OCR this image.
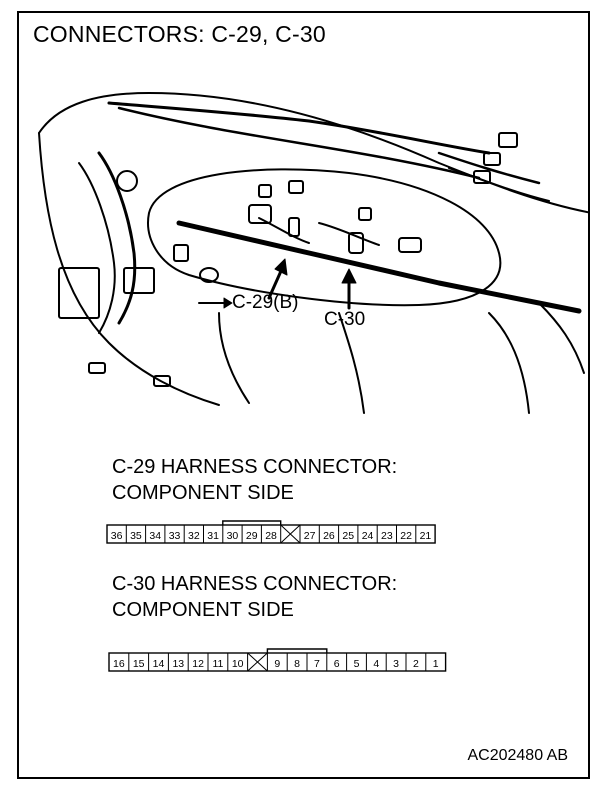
CONNECTORS: C-29, C-30
C-29(B)
C-30
C-29 HARNESS CONNECTOR:
COMPONENT SIDE
36 35 34 33 32 31 30 29 28	27 26 25 24 23 22 21
C-30 HARNESS CONNECTOR:
COMPONENT SIDE
16 15 14 13 12 11 10	9 8 7 6 5 4 3 2 1
AC202480 AB
